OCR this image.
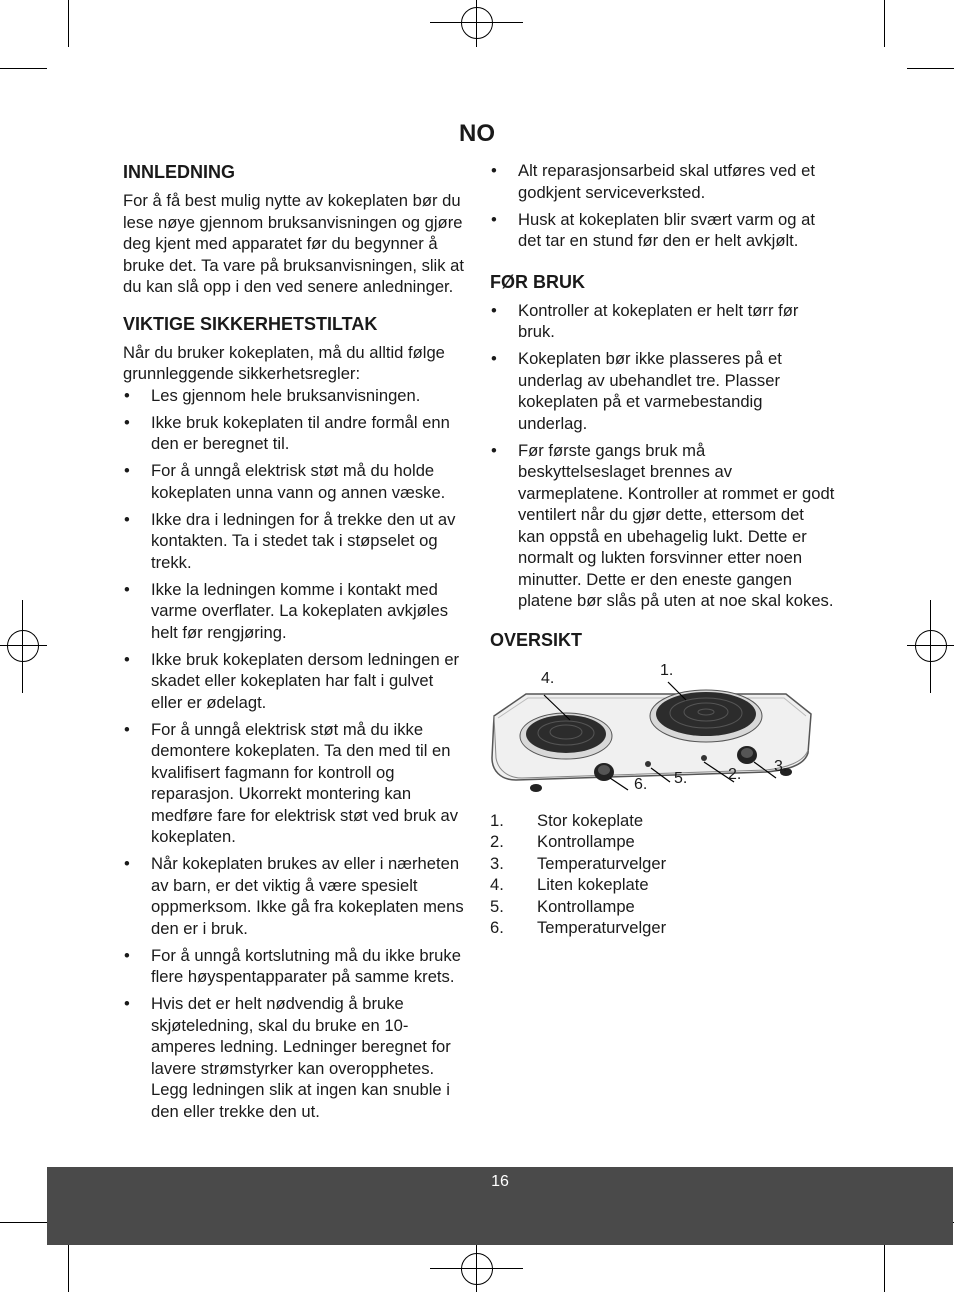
NO
INNLEDNING

For å få best mulig nytte av kokeplaten bør du lese nøye gjennom bruksanvisningen og gjøre deg kjent med apparatet før du begynner å bruke det. Ta vare på bruksanvisningen, slik at du kan slå opp i den ved senere anledninger.

VIKTIGE SIKKERHETSTILTAK

Når du bruker kokeplaten, må du alltid følge grunnleggende sikkerhetsregler:

• Les gjennom hele bruksanvisningen.
• Ikke bruk kokeplaten til andre formål enn den er beregnet til.
• For å unngå elektrisk støt må du holde kokeplaten unna vann og annen væske.
• Ikke dra i ledningen for å trekke den ut av kontakten. Ta i stedet tak i støpselet og trekk.
• Ikke la ledningen komme i kontakt med varme overflater. La kokeplaten avkjøles helt før rengjøring.
• Ikke bruk kokeplaten dersom ledningen er skadet eller kokeplaten har falt i gulvet eller er ødelagt.
• For å unngå elektrisk støt må du ikke demontere kokeplaten. Ta den med til en kvalifisert fagmann for kontroll og reparasjon. Ukorrekt montering kan medføre fare for elektrisk støt ved bruk av kokeplaten.
• Når kokeplaten brukes av eller i nærheten av barn, er det viktig å være spesielt oppmerksom. Ikke gå fra kokeplaten mens den er i bruk.
• For å unngå kortslutning må du ikke bruke flere høyspentapparater på samme krets.
• Hvis det er helt nødvendig å bruke skjøteledning, skal du bruke en 10-amperes ledning. Ledninger beregnet for lavere strømstyrker kan overopphetes. Legg ledningen slik at ingen kan snuble i den eller trekke den ut.
• Alt reparasjonsarbeid skal utføres ved et godkjent serviceverksted.
• Husk at kokeplaten blir svært varm og at det tar en stund før den er helt avkjølt.
FØR BRUK
• Kontroller at kokeplaten er helt tørr før bruk.
• Kokeplaten bør ikke plasseres på et underlag av ubehandlet tre. Plasser kokeplaten på et varmebestandig underlag.
• Før første gangs bruk må beskyttelseslaget brennes av varmeplatene. Kontroller at rommet er godt ventilert når du gjør dette, ettersom det kan oppstå en ubehagelig lukt. Dette er normalt og lukten forsvinner etter noen minutter. Dette er den eneste gangen platene bør slås på uten at noe skal kokes.
OVERSIKT
1.
2. 3.
4.
5.
6.
1.	Stor kokeplate
2.	Kontrollampe
3.	Temperaturvelger
4.	Liten kokeplate
5.	Kontrollampe
6.	Temperaturvelger
16
